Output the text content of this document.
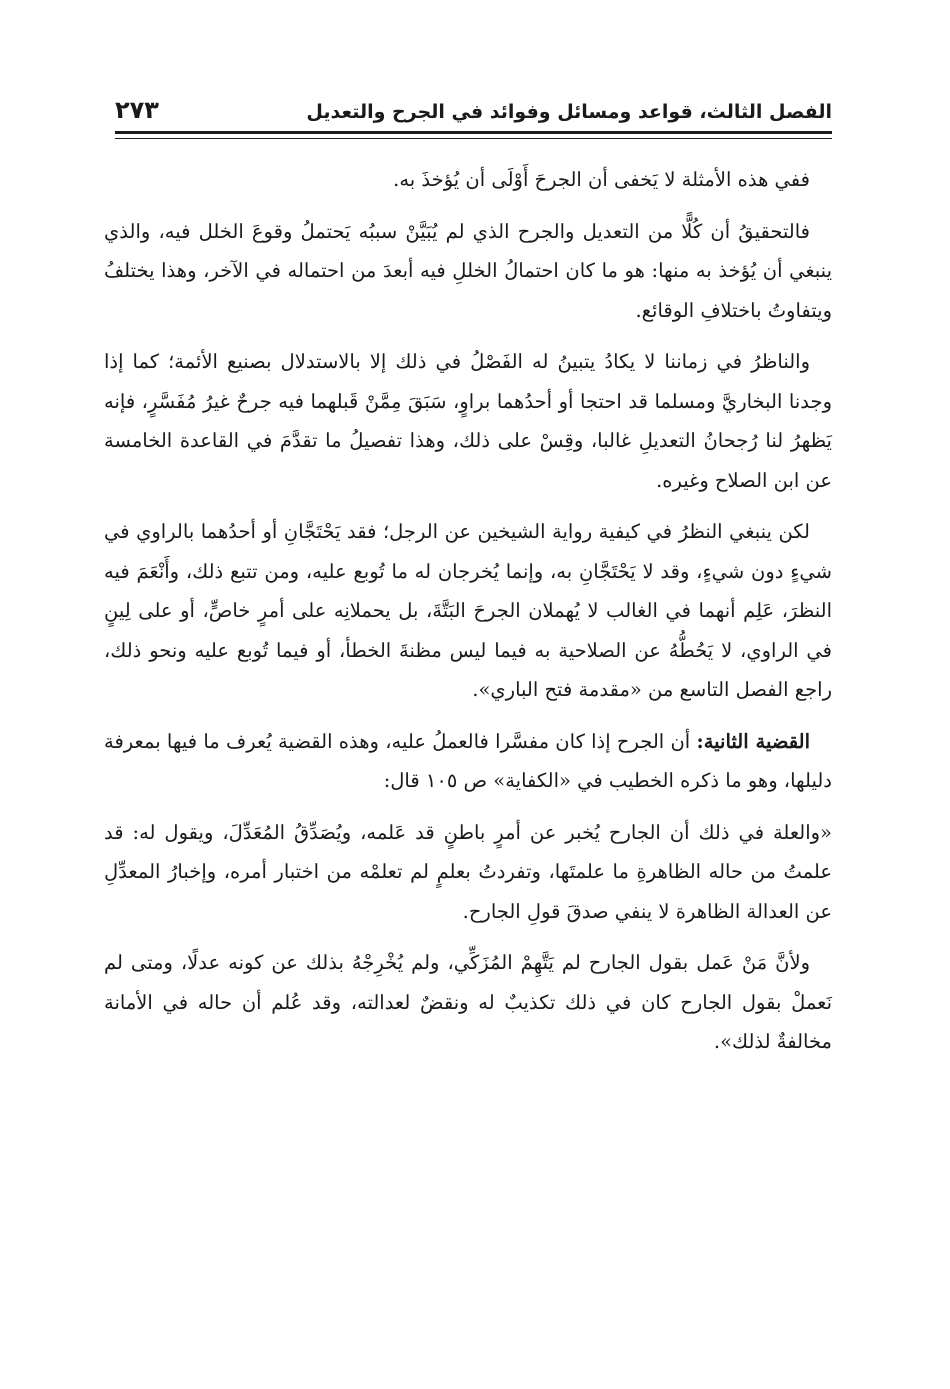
الفصل الثالث، قواعد ومسائل وفوائد في الجرح والتعديل
٢٧٣

ففي هذه الأمثلة لا يَخفى أن الجرحَ أَوْلَى أن يُؤخذَ به.

فالتحقيقُ أن كُلًّا من التعديل والجرح الذي لم يُبَيَّنْ سببُه يَحتملُ وقوعَ الخلل فيه، والذي ينبغي أن يُؤخذ به منها: هو ما كان احتمالُ الخللِ فيه أبعدَ من احتماله في الآخر، وهذا يختلفُ ويتفاوتُ باختلافِ الوقائع.

والناظرُ في زماننا لا يكادُ يتبينُ له الفَصْلُ في ذلك إلا بالاستدلال بصنيع الأئمة؛ كما إذا وجدنا البخاريَّ ومسلما قد احتجا أو أحدُهما براوٍ، سَبَقَ مِمَّنْ قَبلهما فيه جرحٌ غيرُ مُفَسَّرٍ، فإنه يَظهرُ لنا رُجحانُ التعديلِ غالبا، وقِسْ على ذلك، وهذا تفصيلُ ما تقدَّمَ في القاعدة الخامسة عن ابن الصلاح وغيره.

لكن ينبغي النظرُ في كيفية رواية الشيخين عن الرجل؛ فقد يَحْتَجَّانِ أو أحدُهما بالراوي في شيءٍ دون شيءٍ، وقد لا يَحْتَجَّانِ به، وإنما يُخرجان له ما تُوبع عليه، ومن تتبع ذلك، وأَنْعَمَ فيه النظرَ، عَلِم أنهما في الغالب لا يُهملان الجرحَ البَتَّةَ، بل يحملانِه على أمرٍ خاصٍّ، أو على لِينٍ في الراوي، لا يَحُطُّهُ عن الصلاحية به فيما ليس مظنةَ الخطأ، أو فيما تُوبع عليه ونحو ذلك، راجع الفصل التاسع من «مقدمة فتح الباري».

القضية الثانية: أن الجرح إذا كان مفسَّرا فالعملُ عليه، وهذه القضية يُعرف ما فيها بمعرفة دليلها، وهو ما ذكره الخطيب في «الكفاية» ص ١٠٥ قال:

«والعلة في ذلك أن الجارح يُخبر عن أمرٍ باطنٍ قد عَلمه، ويُصَدِّقُ المُعَدِّلَ، ويقول له: قد علمتُ من حاله الظاهرةِ ما علمتَها، وتفردتُ بعلمٍ لم تعلمْه من اختبار أمره، وإخبارُ المعدِّلِ عن العدالة الظاهرة لا ينفي صدقَ قولِ الجارح.

ولأنَّ مَنْ عَمل بقول الجارح لم يَتَّهِمْ المُزَكِّي، ولم يُخْرِجْهُ بذلك عن كونه عدلًا، ومتى لم نَعملْ بقول الجارح كان في ذلك تكذيبٌ له ونقضٌ لعدالته، وقد عُلم أن حاله في الأمانة مخالفةٌ لذلك».
